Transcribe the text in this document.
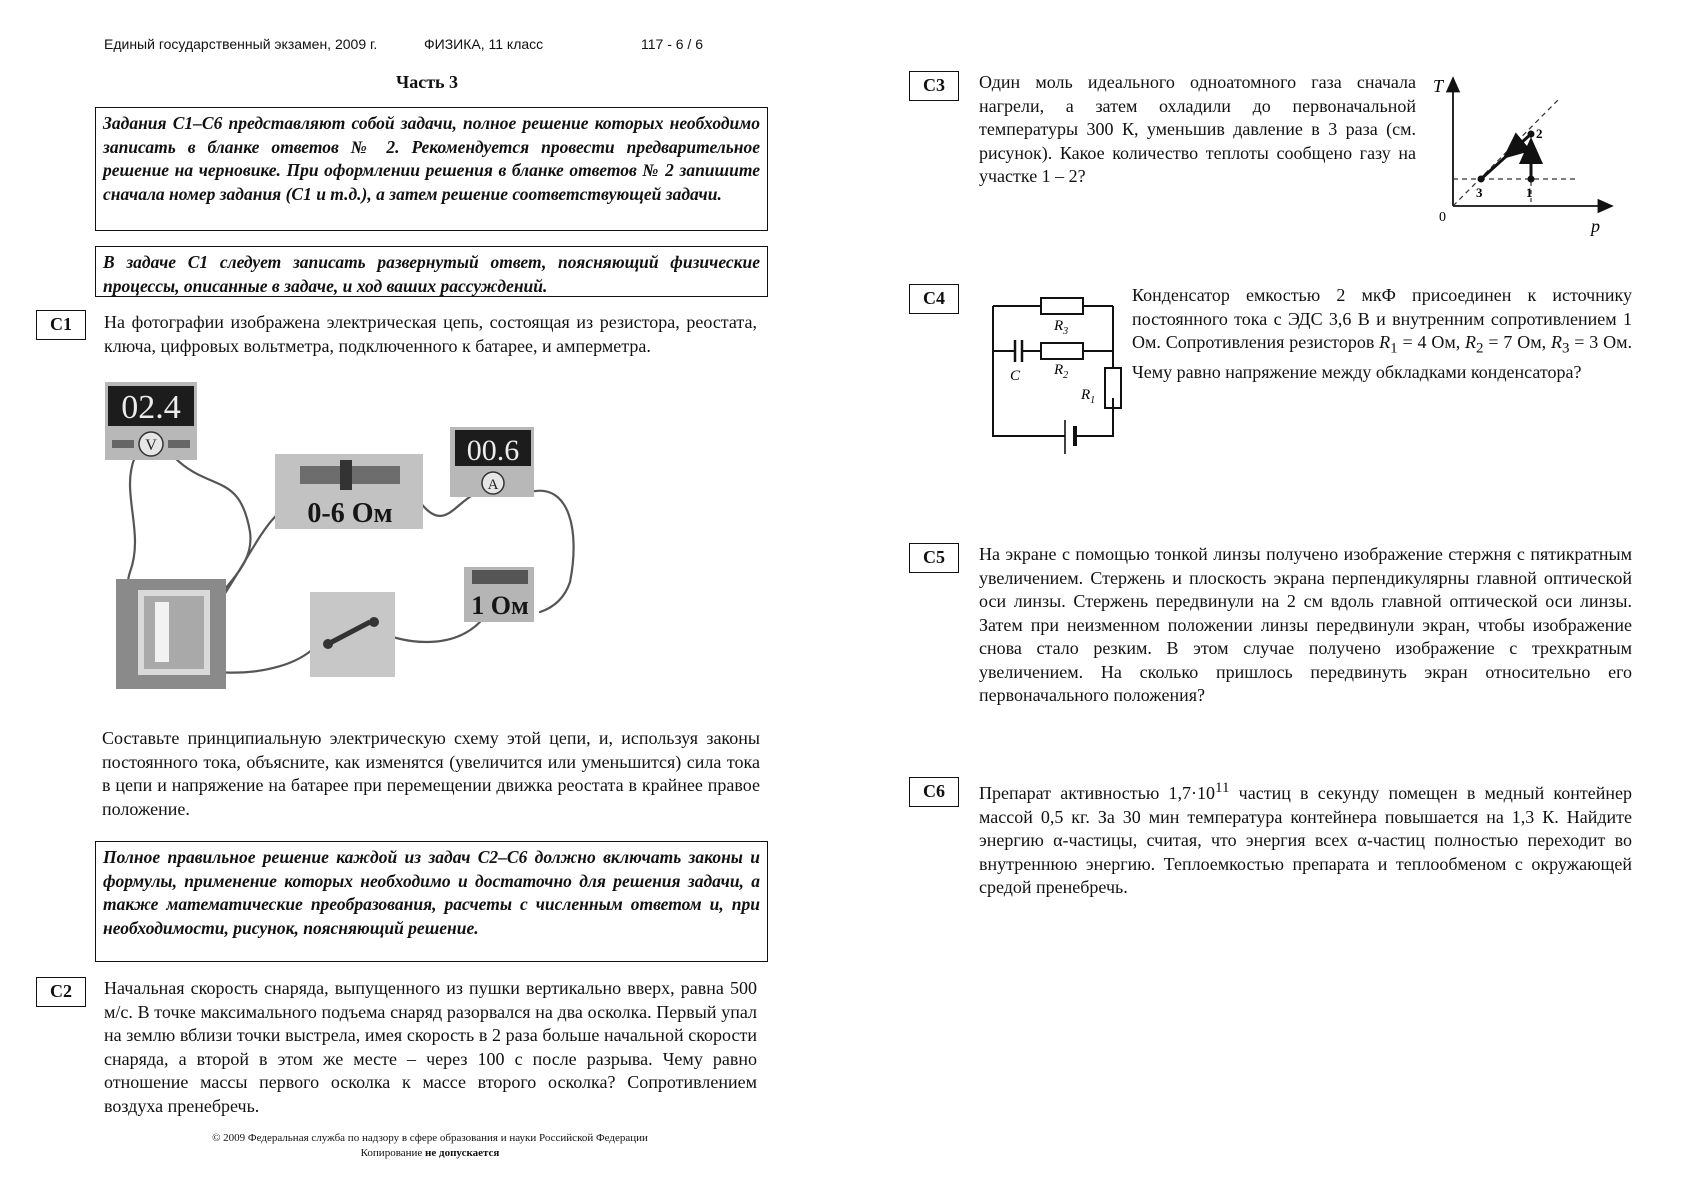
Единый государственный экзамен, 2009 г.	ФИЗИКА, 11 класс	117 - 6 / 6
Часть 3
Задания С1–С6 представляют собой задачи, полное решение которых необходимо записать в бланке ответов № 2. Рекомендуется провести предварительное решение на черновике. При оформлении решения в бланке ответов № 2 запишите сначала номер задания (С1 и т.д.), а затем решение соответствующей задачи.
В задаче С1 следует записать развернутый ответ, поясняющий физические процессы, описанные в задаче, и ход ваших рассуждений.
С1	На фотографии изображена электрическая цепь, состоящая из резистора, реостата, ключа, цифровых вольтметра, подключенного к батарее, и амперметра.
02.4
V
0-6 Ом
00.6
A
1 Ом
Составьте принципиальную электрическую схему этой цепи, и, используя законы постоянного тока, объясните, как изменятся (увеличится или уменьшится) сила тока в цепи и напряжение на батарее при перемещении движка реостата в крайнее правое положение.
Полное правильное решение каждой из задач С2–С6 должно включать законы и формулы, применение которых необходимо и достаточно для решения задачи, а также математические преобразования, расчеты с численным ответом и, при необходимости, рисунок, поясняющий решение.
С2	Начальная скорость снаряда, выпущенного из пушки вертикально вверх, равна 500 м/с. В точке максимального подъема снаряд разорвался на два осколка. Первый упал на землю вблизи точки выстрела, имея скорость в 2 раза больше начальной скорости снаряда, а второй в этом же месте – через 100 с после разрыва. Чему равно отношение массы первого осколка к массе второго осколка? Сопротивлением воздуха пренебречь.
© 2009 Федеральная служба по надзору в сфере образования и науки Российской Федерации
Копирование не допускается
С3	Один моль идеального одноатомного газа сначала нагрели, а затем охладили до первоначальной температуры 300 К, уменьшив давление в 3 раза (см. рисунок). Какое количество теплоты сообщено газу на участке 1 – 2?
T
p
0
1
2
3
С4
$R_3$
C $R_2$
$R_1$
Конденсатор емкостью 2 мкФ присоединен к источнику постоянного тока с ЭДС 3,6 В и внутренним сопротивлением 1 Ом. Сопротивления резисторов $R_1 = 4$ Ом, $R_2 = 7$ Ом, $R_3 = 3$ Ом. Чему равно напряжение между обкладками конденсатора?
С5	На экране с помощью тонкой линзы получено изображение стержня с пятикратным увеличением. Стержень и плоскость экрана перпендикулярны главной оптической оси линзы. Стержень передвинули на 2 см вдоль главной оптической оси линзы. Затем при неизменном положении линзы передвинули экран, чтобы изображение снова стало резким. В этом случае получено изображение с трехкратным увеличением. На сколько пришлось передвинуть экран относительно его первоначального положения?
С6	Препарат активностью $1,7\cdot 10^{11}$ частиц в секунду помещен в медный контейнер массой 0,5 кг. За 30 мин температура контейнера повышается на 1,3 К. Найдите энергию α-частицы, считая, что энергия всех α-частиц полностью переходит во внутреннюю энергию. Теплоемкостью препарата и теплообменом с окружающей средой пренебречь.
